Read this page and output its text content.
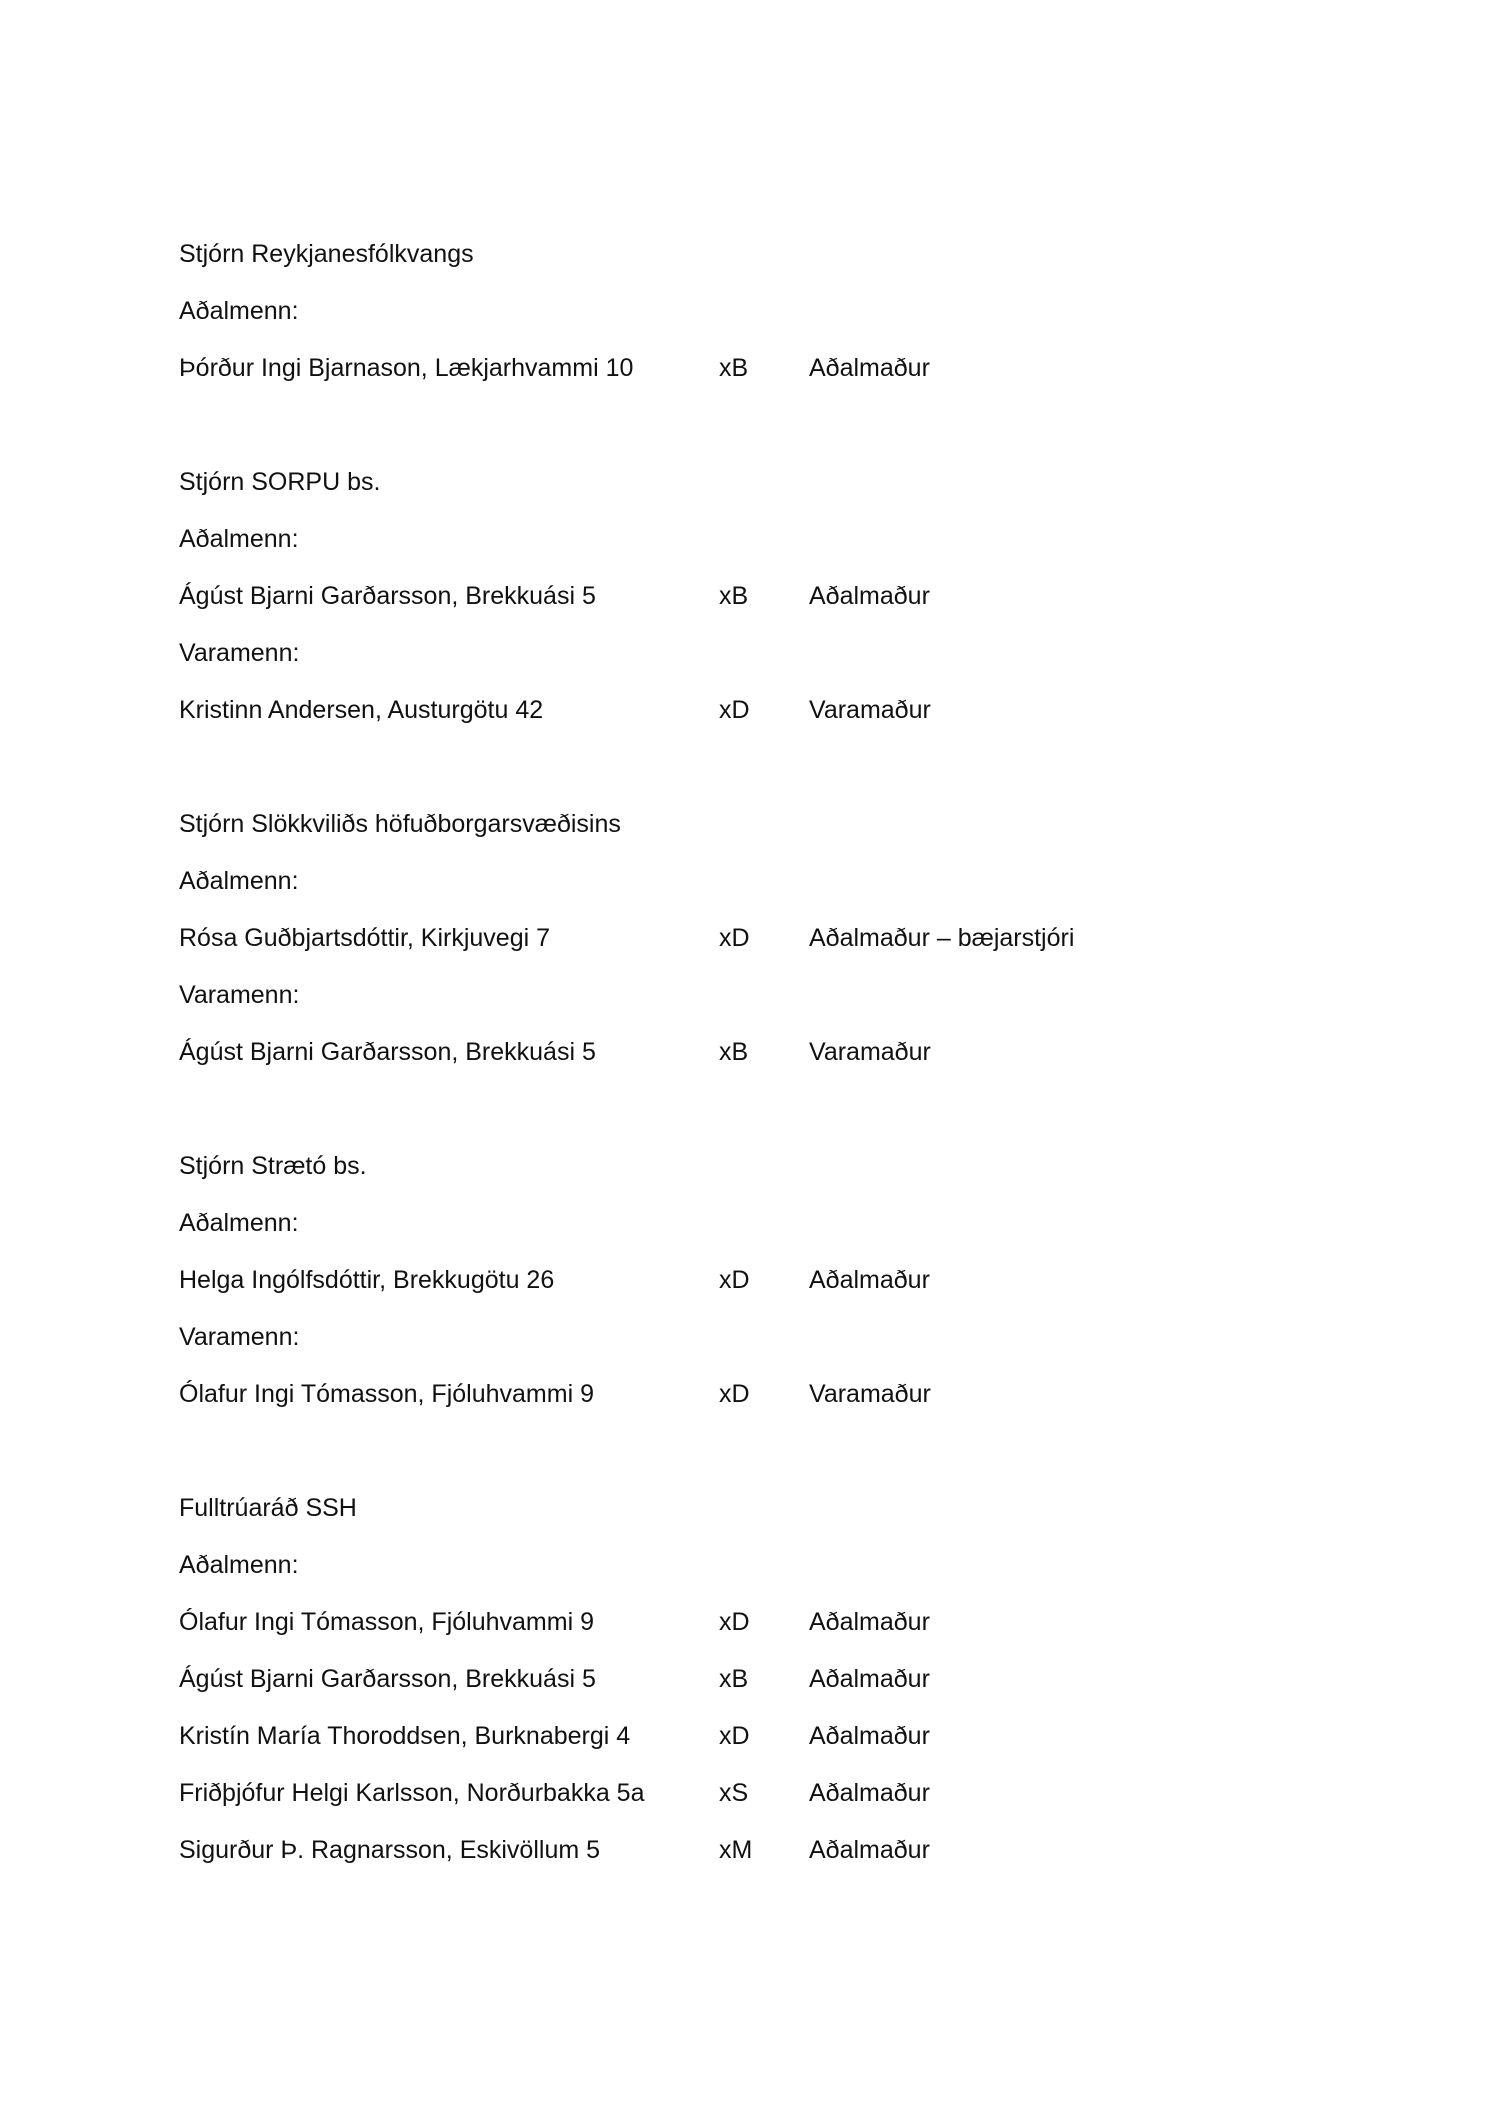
Stjórn Reykjanesfólkvangs
Aðalmenn:
Þórður Ingi Bjarnason, Lækjarhvammi 10	xB Aðalmaður
Stjórn SORPU bs.
Aðalmenn:
Ágúst Bjarni Garðarsson, Brekkuási 5	xB Aðalmaður
Varamenn:
Kristinn Andersen, Austurgötu 42	xD Varamaður
Stjórn Slökkviliðs höfuðborgarsvæðisins
Aðalmenn:
Rósa Guðbjartsdóttir, Kirkjuvegi 7	xD Aðalmaður – bæjarstjóri
Varamenn:
Ágúst Bjarni Garðarsson, Brekkuási 5	xB Varamaður
Stjórn Strætó bs.
Aðalmenn:
Helga Ingólfsdóttir, Brekkugötu 26	xD Aðalmaður
Varamenn:
Ólafur Ingi Tómasson, Fjóluhvammi 9	xD Varamaður
Fulltrúaráð SSH
Aðalmenn:
Ólafur Ingi Tómasson, Fjóluhvammi 9	xD Aðalmaður
Ágúst Bjarni Garðarsson, Brekkuási 5	xB Aðalmaður
Kristín María Thoroddsen, Burknabergi 4	xD Aðalmaður
Friðþjófur Helgi Karlsson, Norðurbakka 5a	xS Aðalmaður
Sigurður Þ. Ragnarsson, Eskivöllum 5	xM Aðalmaður
